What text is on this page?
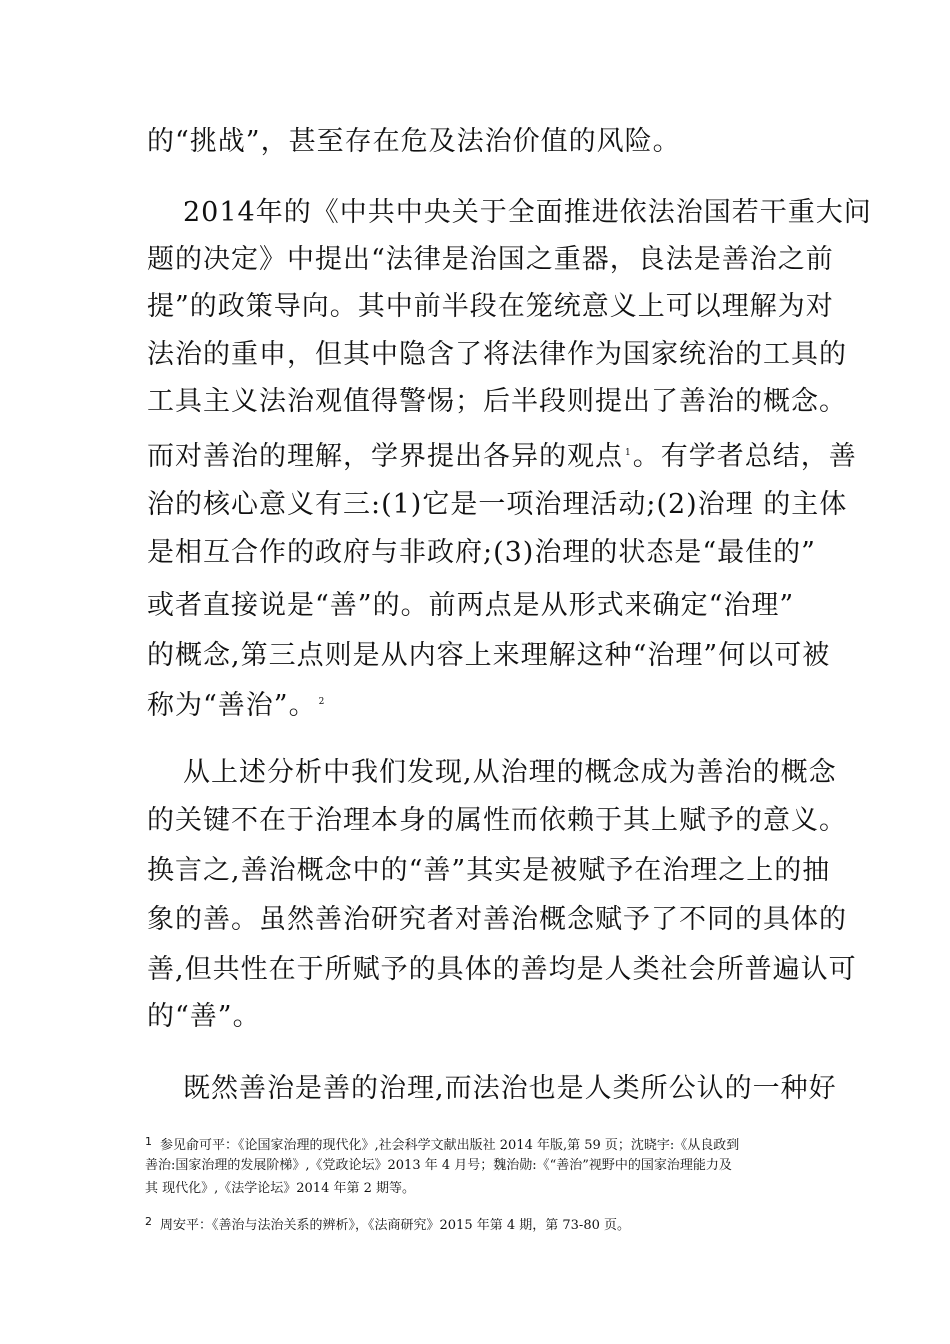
的“挑战”，甚至存在危及法治价值的风险。
2014年的《中共中央关于全面推进依法治国若干重大问
题的决定》中提出“法律是治国之重器，良法是善治之前
提”的政策导向。其中前半段在笼统意义上可以理解为对
法治的重申，但其中隐含了将法律作为国家统治的工具的
工具主义法治观值得警惕；后半段则提出了善治的概念。
而对善治的理解，学界提出各异的观点 $^1$。有学者总结，善
治的核心意义有三:(1)它是一项治理活动;(2)治理 的主体
是相互合作的政府与非政府;(3)治理的状态是“最佳的”
或者直接说是“善”的。前两点是从形式来确定“治理”
的概念,第三点则是从内容上来理解这种“治理”何以可被
称为“善治”。 $^2$
从上述分析中我们发现,从治理的概念成为善治的概念
的关键不在于治理本身的属性而依赖于其上赋予的意义。
换言之,善治概念中的“善”其实是被赋予在治理之上的抽
象的善。虽然善治研究者对善治概念赋予了不同的具体的
善,但共性在于所赋予的具体的善均是人类社会所普遍认可
的“善”。
既然善治是善的治理,而法治也是人类所公认的一种好
$^1$ 参见俞可平：《论国家治理的现代化》,社会科学文献出版社 2014 年版,第 59 页；沈晓宇:《从良政到
善治:国家治理的发展阶梯》,《党政论坛》2013 年 4 月号；魏治勋:《“善治”视野中的国家治理能力及
其 现代化》,《法学论坛》2014 年第 2 期等。
$^2$ 周安平：《善治与法治关系的辨析》，《法商研究》2015 年第 4 期，第 73-80 页。
